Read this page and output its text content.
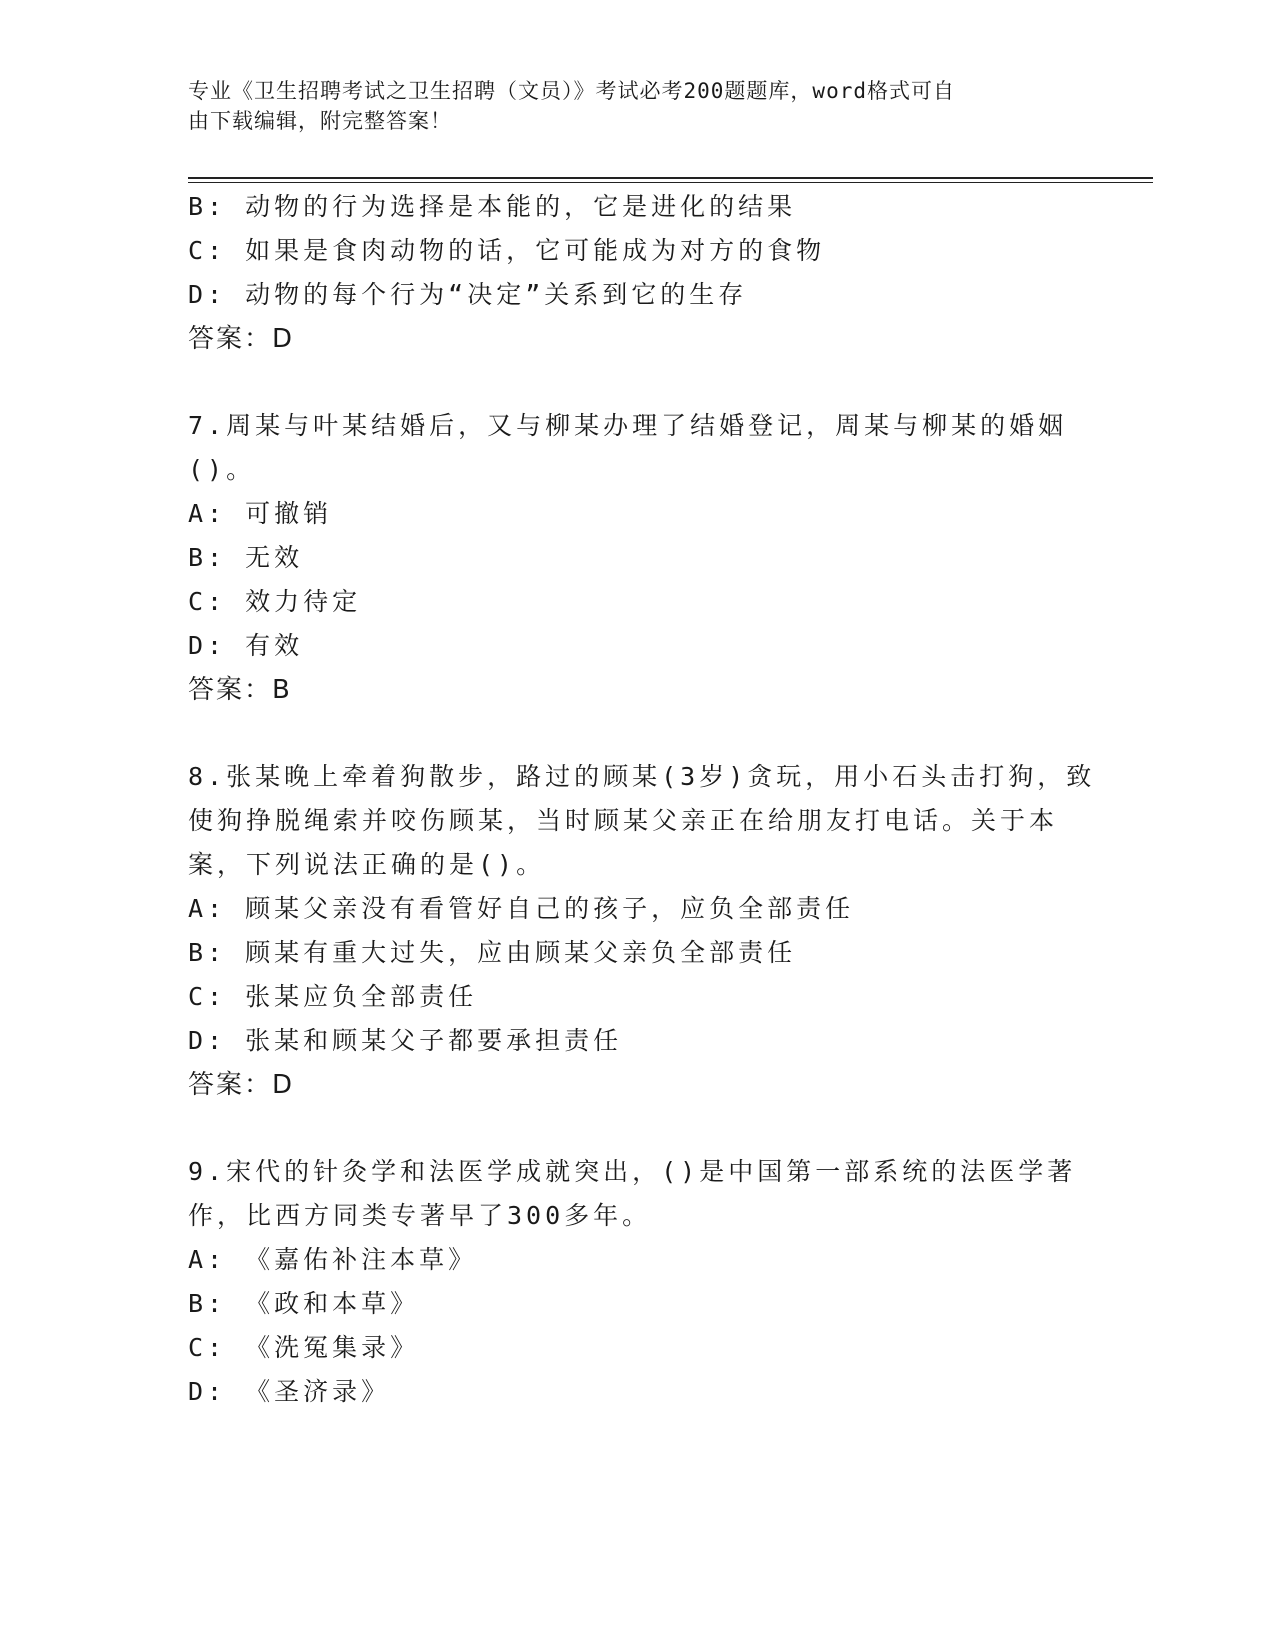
专业《卫生招聘考试之卫生招聘（文员）》考试必考200题题库，word格式可自
由下载编辑，附完整答案！
B: 动物的行为选择是本能的，它是进化的结果
C: 如果是食肉动物的话，它可能成为对方的食物
D: 动物的每个行为“决定”关系到它的生存
答案：D
7.周某与叶某结婚后，又与柳某办理了结婚登记，周某与柳某的婚姻
()。
A: 可撤销
B: 无效
C: 效力待定
D: 有效
答案：B
8.张某晚上牵着狗散步，路过的顾某(3岁)贪玩，用小石头击打狗，致
使狗挣脱绳索并咬伤顾某，当时顾某父亲正在给朋友打电话。关于本
案，下列说法正确的是()。
A: 顾某父亲没有看管好自己的孩子，应负全部责任
B: 顾某有重大过失，应由顾某父亲负全部责任
C: 张某应负全部责任
D: 张某和顾某父子都要承担责任
答案：D
9.宋代的针灸学和法医学成就突出，()是中国第一部系统的法医学著
作，比西方同类专著早了300多年。
A: 《嘉佑补注本草》
B: 《政和本草》
C: 《洗冤集录》
D: 《圣济录》
